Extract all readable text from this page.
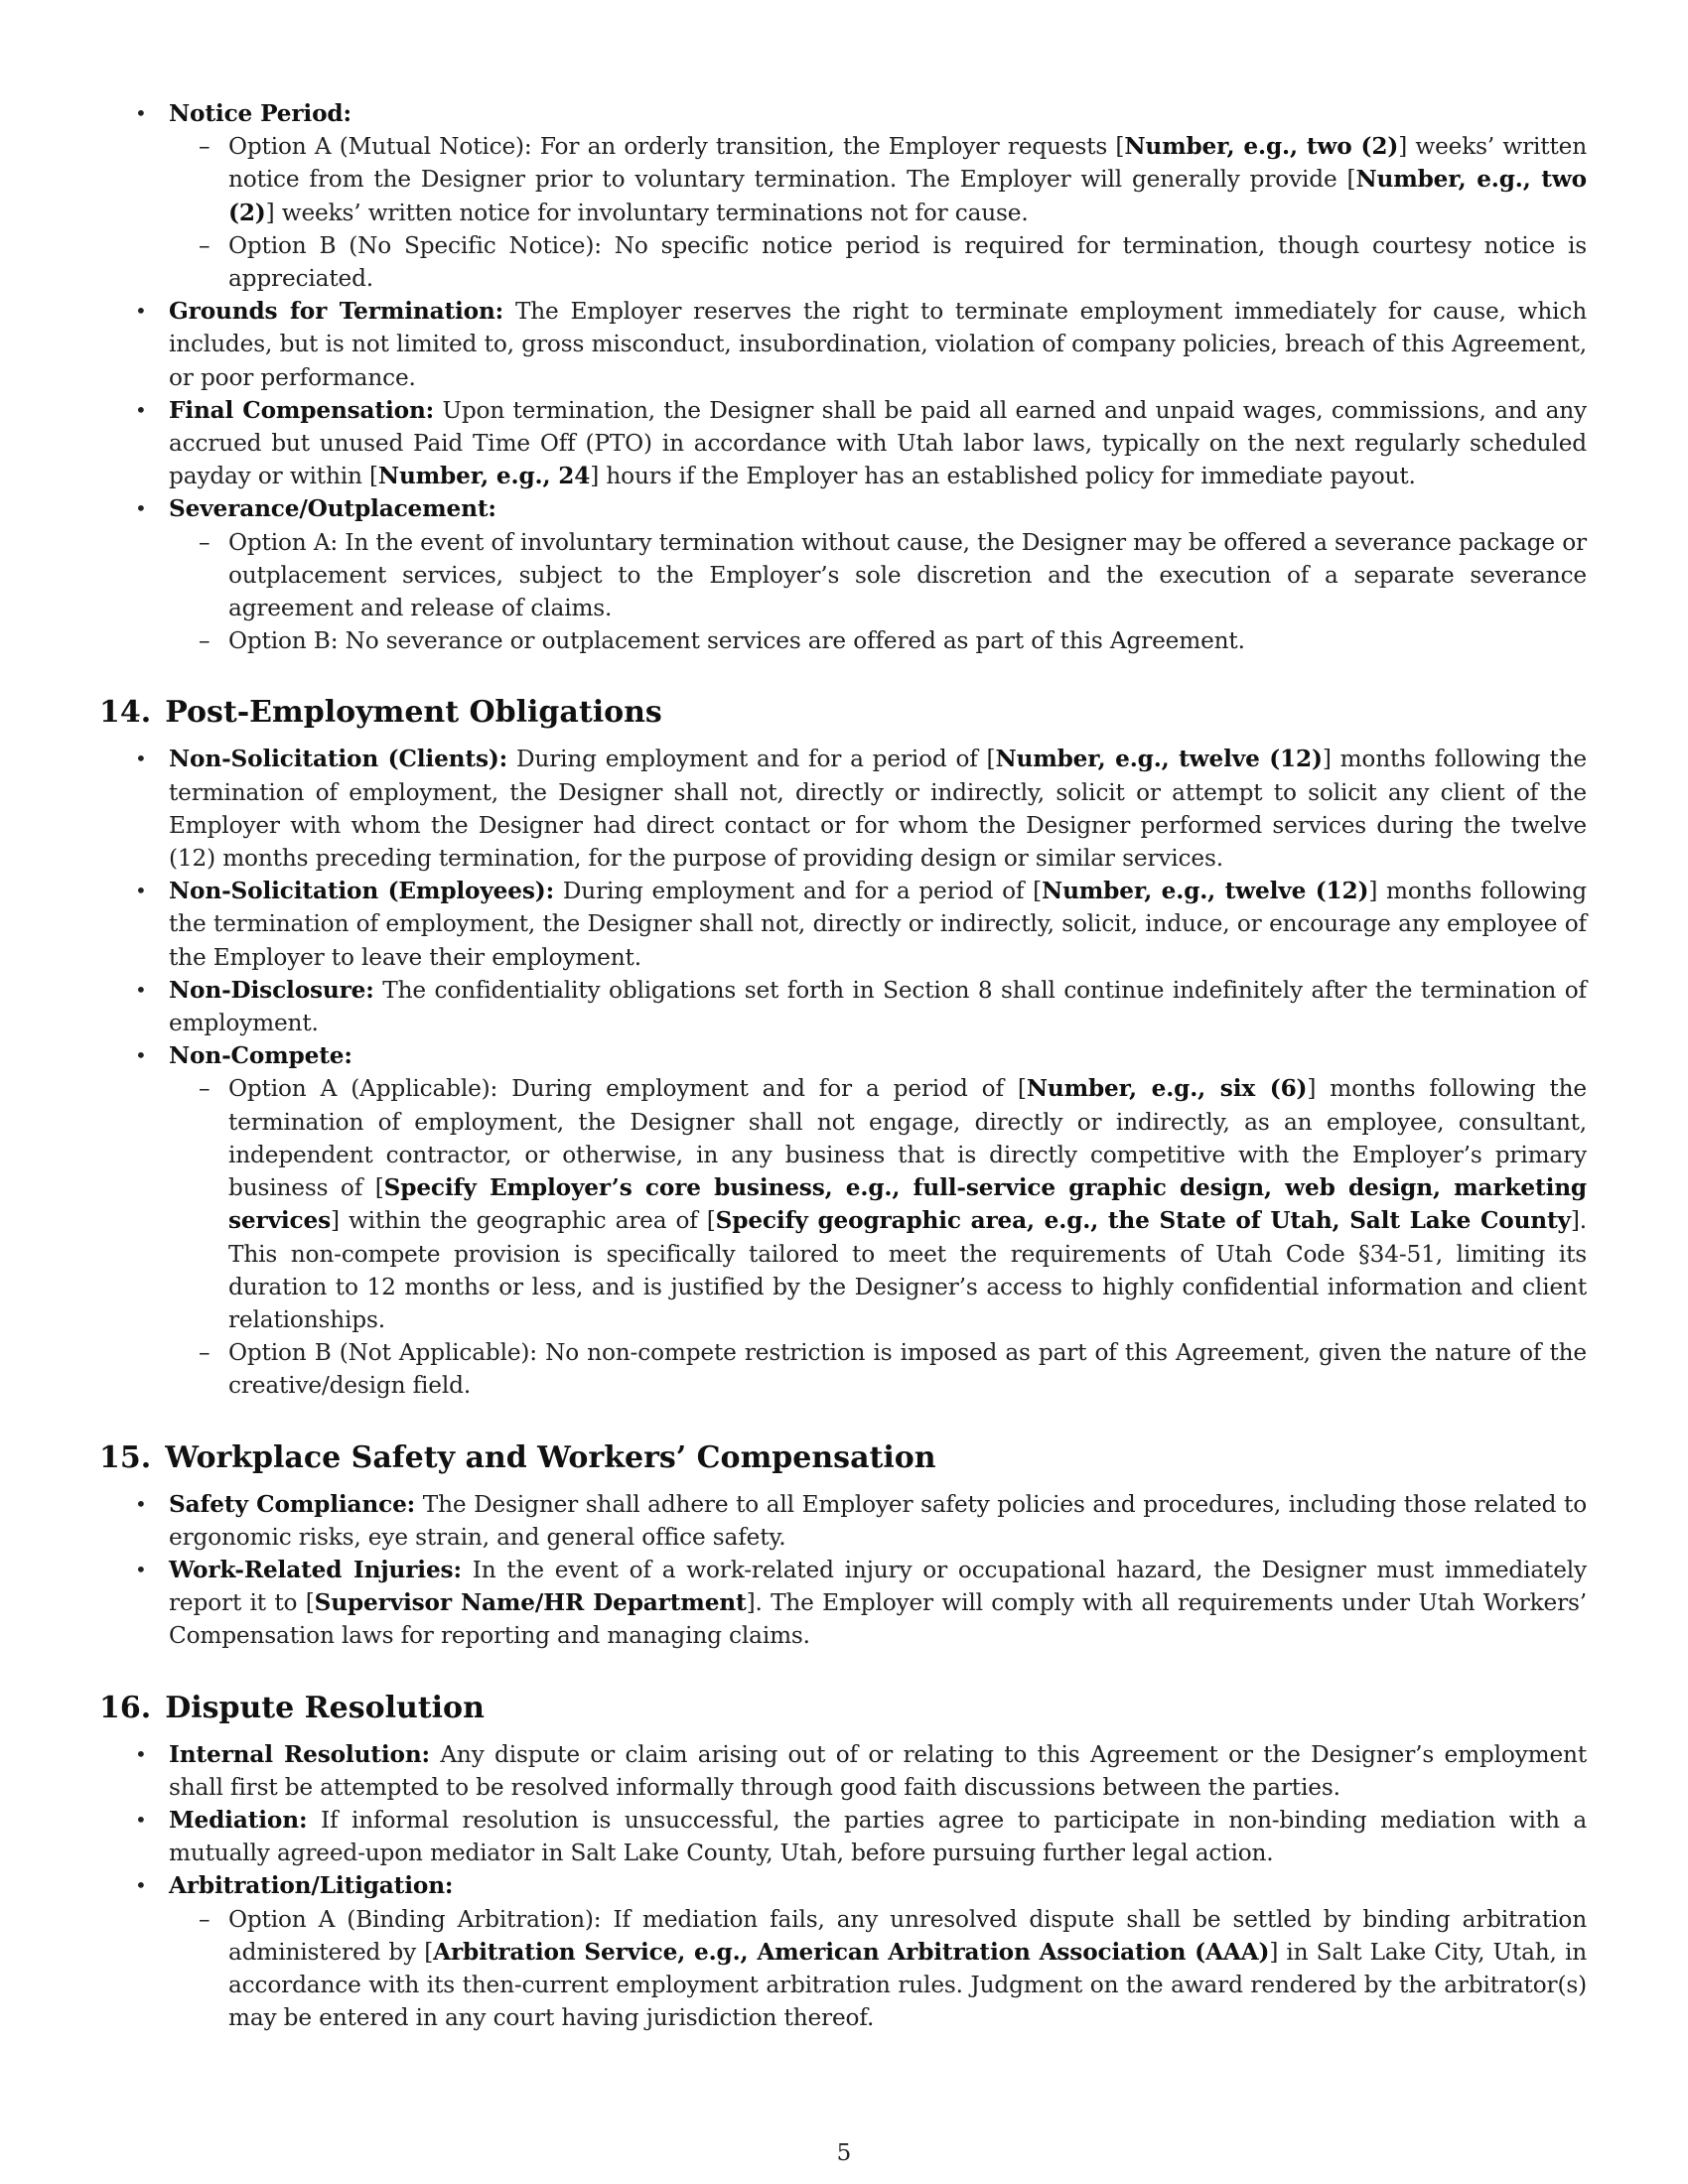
• Notice Period:
– Option A (Mutual Notice): For an orderly transition, the Employer requests [Number, e.g., two (2)] weeks’ written notice from the Designer prior to voluntary termination. The Employer will generally provide [Number, e.g., two (2)] weeks’ written notice for involuntary terminations not for cause.
– Option B (No Specific Notice): No specific notice period is required for termination, though courtesy notice is appreciated.
• Grounds for Termination: The Employer reserves the right to terminate employment immediately for cause, which includes, but is not limited to, gross misconduct, insubordination, violation of company policies, breach of this Agreement, or poor performance.
• Final Compensation: Upon termination, the Designer shall be paid all earned and unpaid wages, commissions, and any accrued but unused Paid Time Off (PTO) in accordance with Utah labor laws, typically on the next regularly scheduled payday or within [Number, e.g., 24] hours if the Employer has an established policy for immediate payout.
• Severance/Outplacement:
– Option A: In the event of involuntary termination without cause, the Designer may be offered a severance package or outplacement services, subject to the Employer’s sole discretion and the execution of a separate severance agreement and release of claims.
– Option B: No severance or outplacement services are offered as part of this Agreement.
14. Post-Employment Obligations
• Non-Solicitation (Clients): During employment and for a period of [Number, e.g., twelve (12)] months following the termination of employment, the Designer shall not, directly or indirectly, solicit or attempt to solicit any client of the Employer with whom the Designer had direct contact or for whom the Designer performed services during the twelve (12) months preceding termination, for the purpose of providing design or similar services.
• Non-Solicitation (Employees): During employment and for a period of [Number, e.g., twelve (12)] months following the termination of employment, the Designer shall not, directly or indirectly, solicit, induce, or encourage any employee of the Employer to leave their employment.
• Non-Disclosure: The confidentiality obligations set forth in Section 8 shall continue indefinitely after the termination of employment.
• Non-Compete:
– Option A (Applicable): During employment and for a period of [Number, e.g., six (6)] months following the termination of employment, the Designer shall not engage, directly or indirectly, as an employee, consultant, independent contractor, or otherwise, in any business that is directly competitive with the Employer’s primary business of [Specify Employer’s core business, e.g., full-service graphic design, web design, marketing services] within the geographic area of [Specify geographic area, e.g., the State of Utah, Salt Lake County]. This non-compete provision is specifically tailored to meet the requirements of Utah Code §34-51, limiting its duration to 12 months or less, and is justified by the Designer’s access to highly confidential information and client relationships.
– Option B (Not Applicable): No non-compete restriction is imposed as part of this Agreement, given the nature of the creative/design field.
15. Workplace Safety and Workers’ Compensation
• Safety Compliance: The Designer shall adhere to all Employer safety policies and procedures, including those related to ergonomic risks, eye strain, and general office safety.
• Work-Related Injuries: In the event of a work-related injury or occupational hazard, the Designer must immediately report it to [Supervisor Name/HR Department]. The Employer will comply with all requirements under Utah Workers’ Compensation laws for reporting and managing claims.
16. Dispute Resolution
• Internal Resolution: Any dispute or claim arising out of or relating to this Agreement or the Designer’s employment shall first be attempted to be resolved informally through good faith discussions between the parties.
• Mediation: If informal resolution is unsuccessful, the parties agree to participate in non-binding mediation with a mutually agreed-upon mediator in Salt Lake County, Utah, before pursuing further legal action.
• Arbitration/Litigation:
– Option A (Binding Arbitration): If mediation fails, any unresolved dispute shall be settled by binding arbitration administered by [Arbitration Service, e.g., American Arbitration Association (AAA)] in Salt Lake City, Utah, in accordance with its then-current employment arbitration rules. Judgment on the award rendered by the arbitrator(s) may be entered in any court having jurisdiction thereof.
5
